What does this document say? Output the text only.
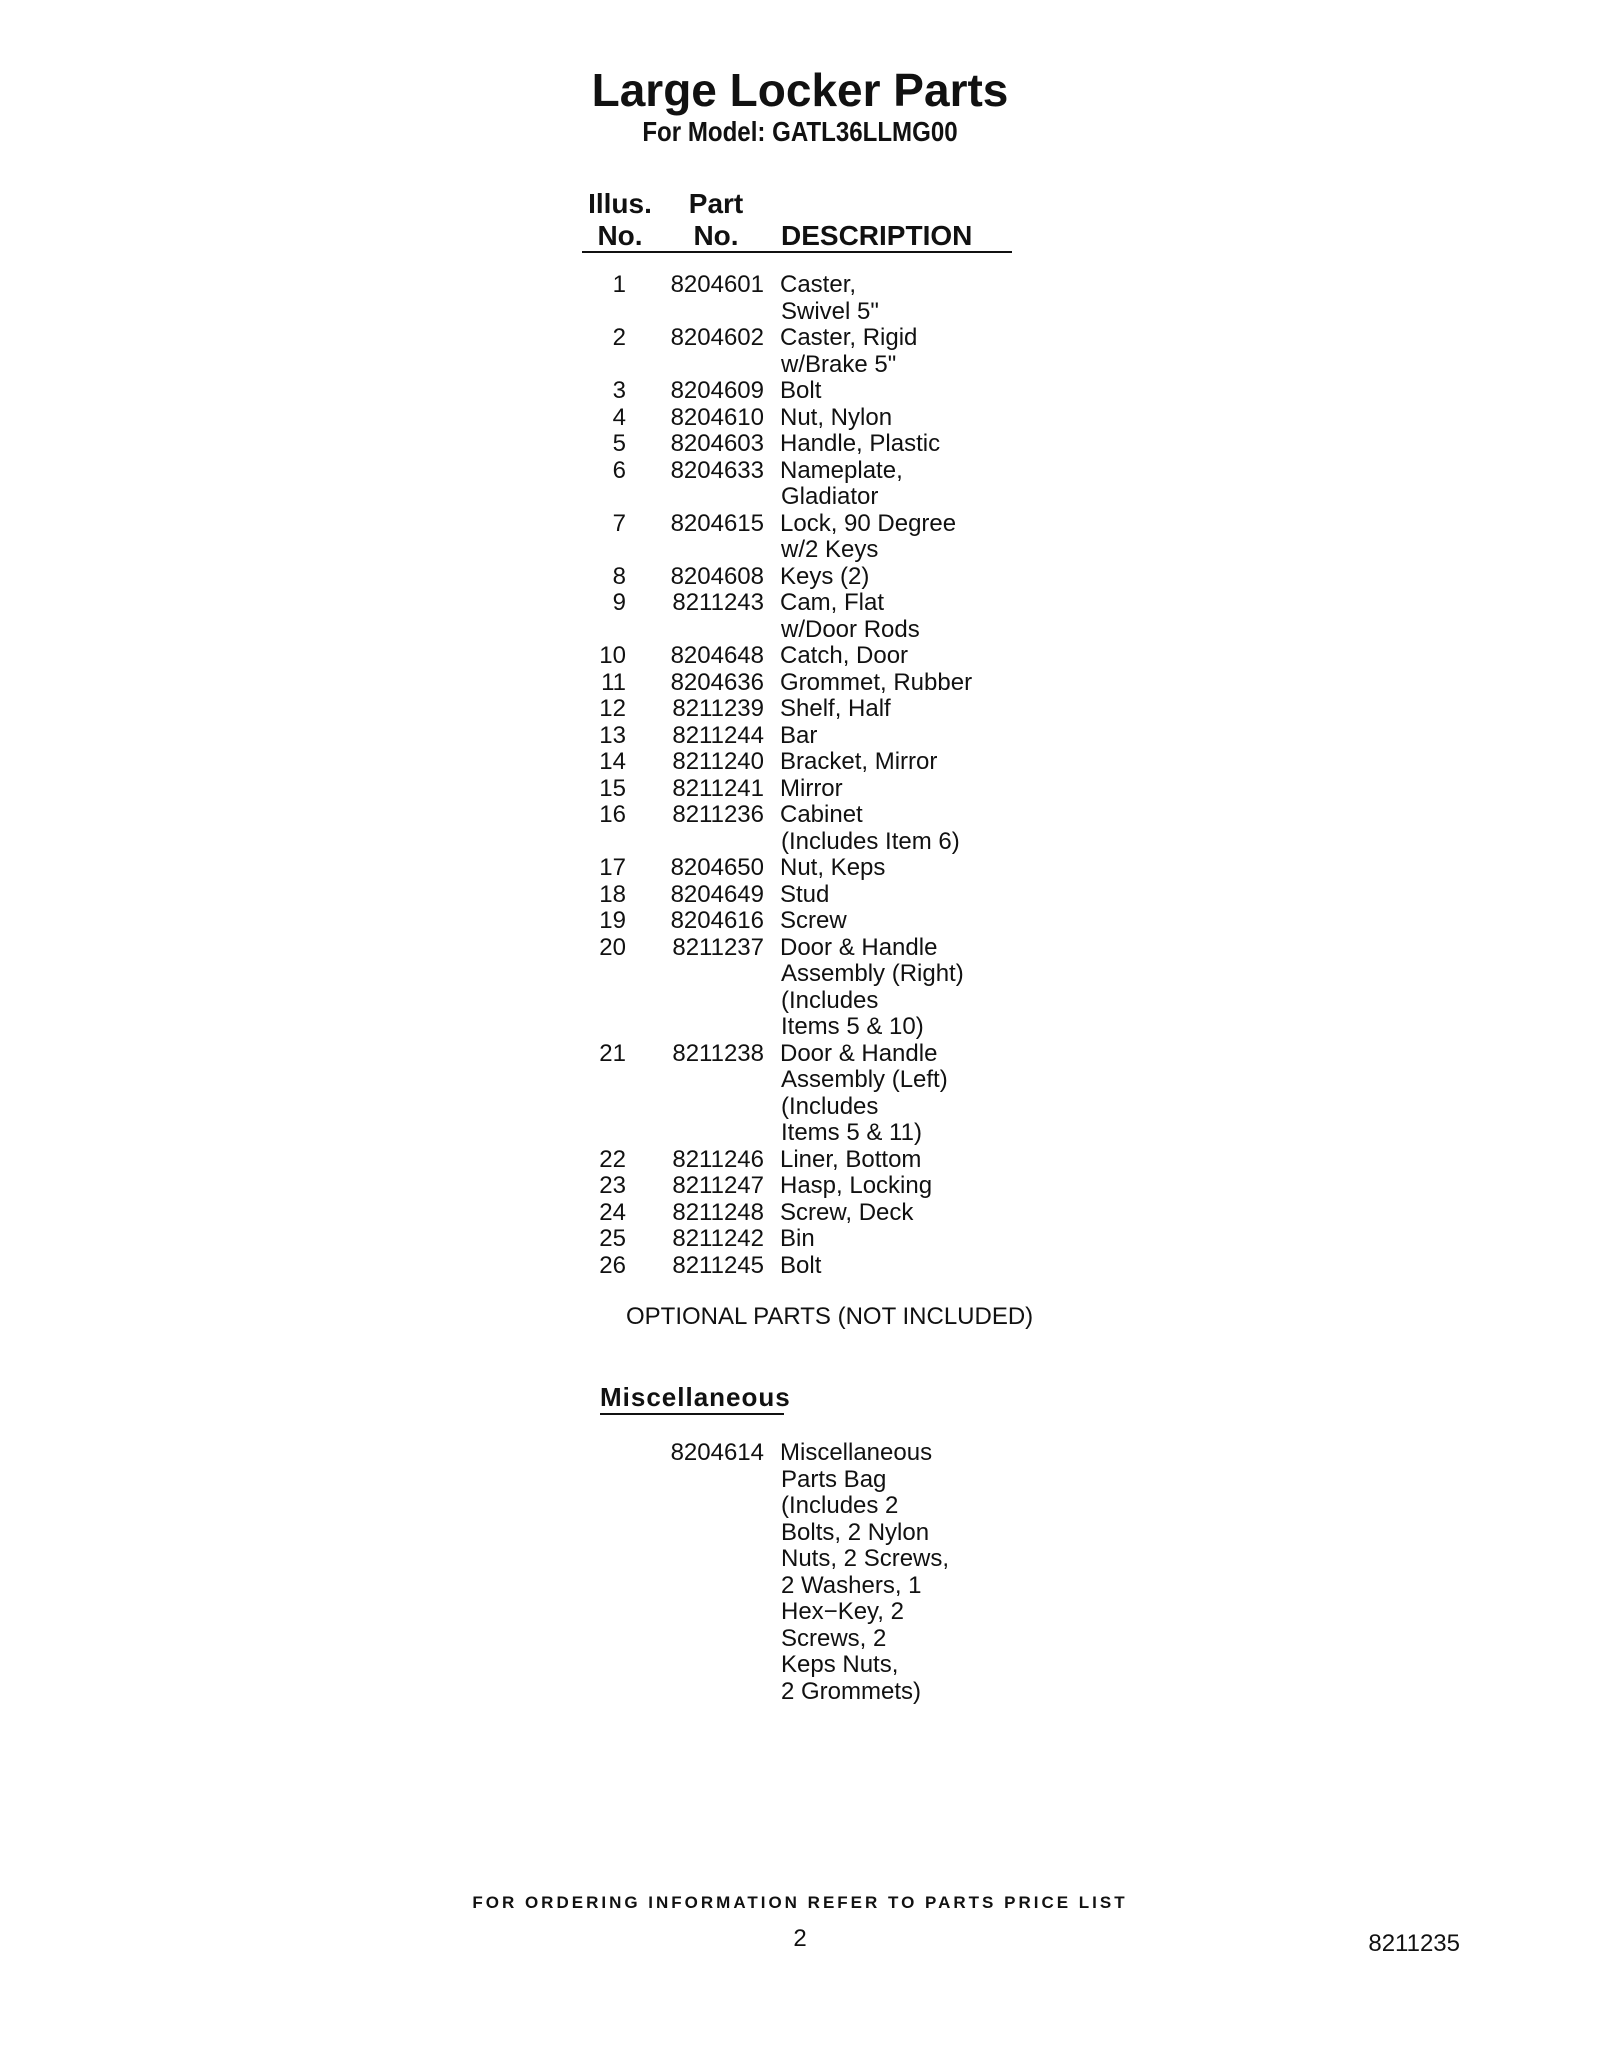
Large Locker Parts
For Model: GATL36LLMG00
Illus.
No.
Part
No.	DESCRIPTION
1	8204601 Caster,
Swivel 5"
2	8204602 Caster, Rigid
w/Brake 5"
3	8204609 Bolt
4	8204610 Nut, Nylon
5	8204603 Handle, Plastic
6	8204633 Nameplate,
Gladiator
7	8204615 Lock, 90 Degree
w/2 Keys
8	8204608 Keys (2)
9	8211243 Cam, Flat
w/Door Rods
10	8204648 Catch, Door
11	8204636 Grommet, Rubber
12	8211239 Shelf, Half
13	8211244 Bar
14	8211240 Bracket, Mirror
15	8211241 Mirror
16	8211236 Cabinet
(Includes Item 6)
17	8204650 Nut, Keps
18	8204649 Stud
19	8204616 Screw
20	8211237 Door & Handle
Assembly (Right)
(Includes
Items 5 & 10)
21	8211238 Door & Handle
Assembly (Left)
(Includes
Items 5 & 11)
22	8211246 Liner, Bottom
23	8211247 Hasp, Locking
24	8211248 Screw, Deck
25	8211242 Bin
26	8211245 Bolt
OPTIONAL PARTS (NOT INCLUDED)
Miscellaneous
8204614 Miscellaneous
Parts Bag
(Includes 2
Bolts, 2 Nylon
Nuts, 2 Screws,
2 Washers, 1
Hex−Key, 2
Screws, 2
Keps Nuts,
2 Grommets)
FOR ORDERING INFORMATION REFER TO PARTS PRICE LIST
2	8211235
